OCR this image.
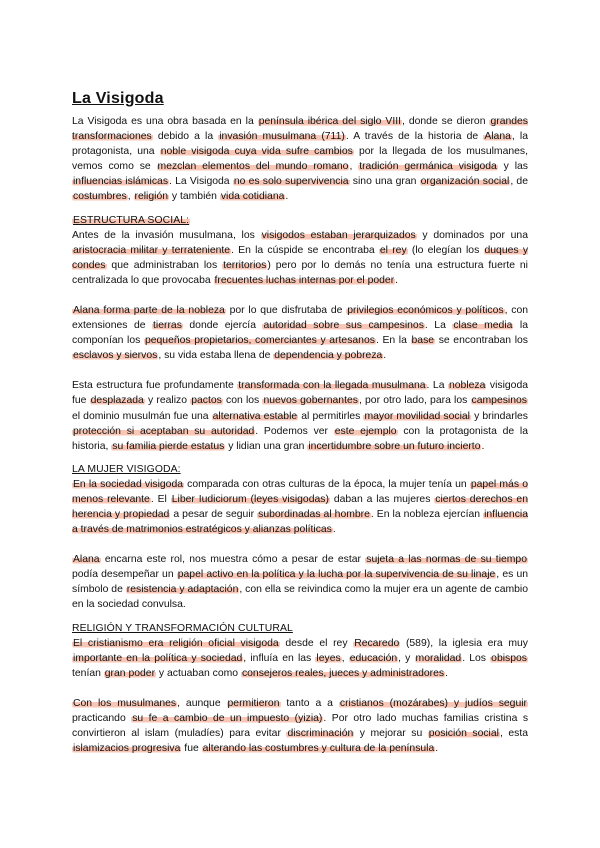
La Visigoda

La Visigoda es una obra basada en la península ibérica del siglo VIII, donde se dieron grandes transformaciones debido a la invasión musulmana (711). A través de la historia de Alana, la protagonista, una noble visigoda cuya vida sufre cambios por la llegada de los musulmanes, vemos como se mezclan elementos del mundo romano, tradición germánica visigoda y las influencias islámicas. La Visigoda no es solo supervivencia sino una gran organización social, de costumbres, religión y también vida cotidiana.

ESTRUCTURA SOCIAL:

Antes de la invasión musulmana, los visigodos estaban jerarquizados y dominados por una aristocracia militar y terrateniente. En la cúspide se encontraba el rey (lo elegían los duques y condes que administraban los territorios) pero por lo demás no tenía una estructura fuerte ni centralizada lo que provocaba frecuentes luchas internas por el poder.

Alana forma parte de la nobleza por lo que disfrutaba de privilegios económicos y políticos, con extensiones de tierras donde ejercía autoridad sobre sus campesinos. La clase media la componían los pequeños propietarios, comerciantes y artesanos. En la base se encontraban los esclavos y siervos, su vida estaba llena de dependencia y pobreza.

Esta estructura fue profundamente transformada con la llegada musulmana. La nobleza visigoda fue desplazada y realizo pactos con los nuevos gobernantes, por otro lado, para los campesinos el dominio musulmán fue una alternativa estable al permitirles mayor movilidad social y brindarles protección si aceptaban su autoridad. Podemos ver este ejemplo con la protagonista de la historia, su familia pierde estatus y lidian una gran incertidumbre sobre un futuro incierto.

LA MUJER VISIGODA:

En la sociedad visigoda comparada con otras culturas de la época, la mujer tenía un papel más o menos relevante. El Liber Iudiciorum (leyes visigodas) daban a las mujeres ciertos derechos en herencia y propiedad a pesar de seguir subordinadas al hombre. En la nobleza ejercían influencia a través de matrimonios estratégicos y alianzas políticas.

Alana encarna este rol, nos muestra cómo a pesar de estar sujeta a las normas de su tiempo podía desempeñar un papel activo en la política y la lucha por la supervivencia de su linaje, es un símbolo de resistencia y adaptación, con ella se reivindica como la mujer era un agente de cambio en la sociedad convulsa.

RELIGIÓN Y TRANSFORMACIÓN CULTURAL

El cristianismo era religión oficial visigoda desde el rey Recaredo (589), la iglesia era muy importante en la política y sociedad, influía en las leyes, educación, y moralidad. Los obispos tenían gran poder y actuaban como consejeros reales, jueces y administradores.

Con los musulmanes, aunque permitieron tanto a a cristianos (mozárabes) y judíos seguir practicando su fe a cambio de un impuesto (yizia). Por otro lado muchas familias cristina s convirtieron al islam (muladíes) para evitar discriminación y mejorar su posición social, esta islamizacios progresiva fue alterando las costumbres y cultura de la península.
